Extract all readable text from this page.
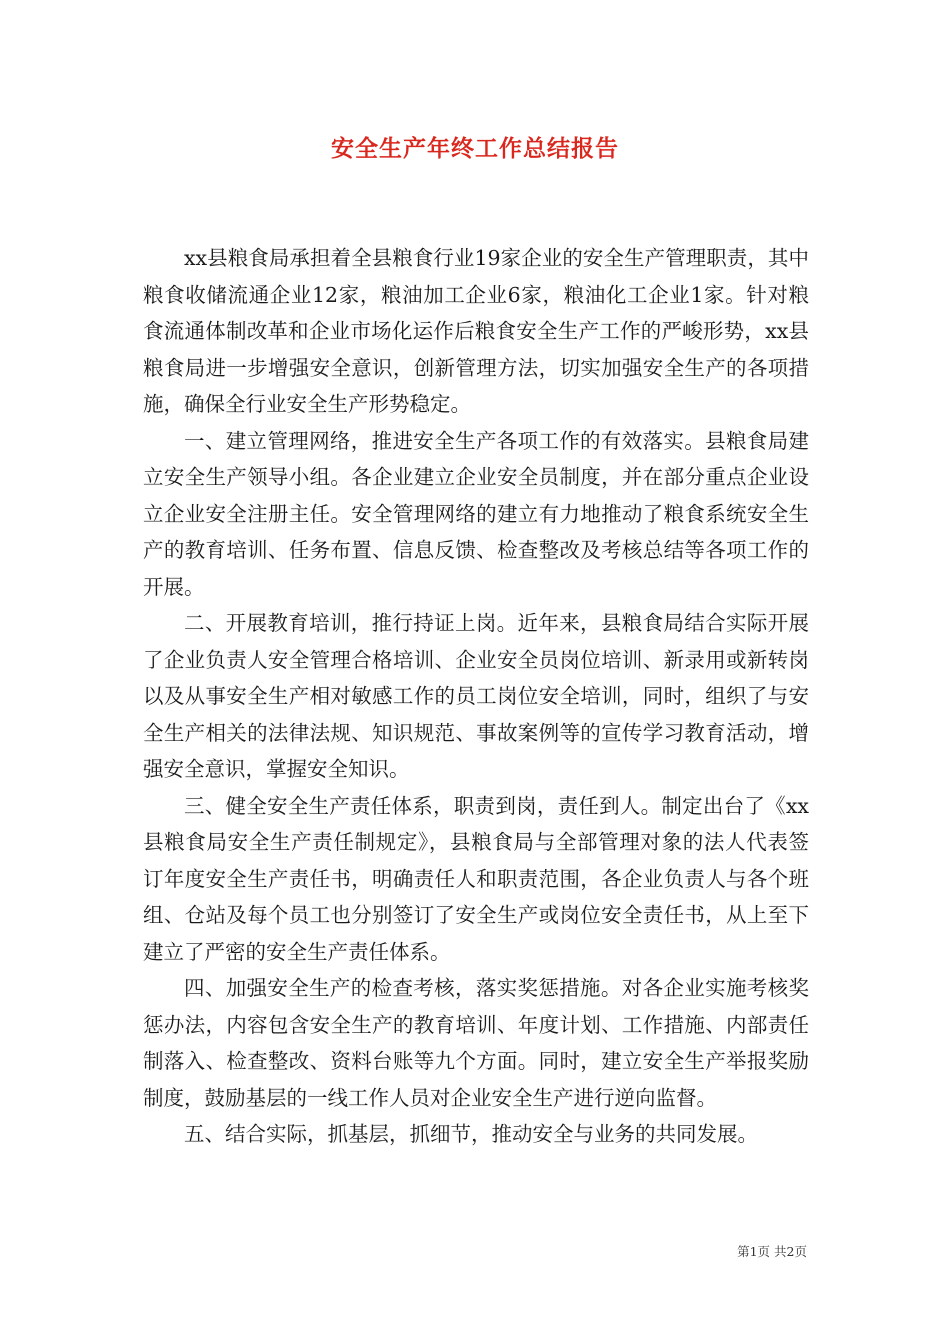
安全生产年终工作总结报告

xx县粮食局承担着全县粮食行业19家企业的安全生产管理职责，其中粮食收储流通企业12家，粮油加工企业6家，粮油化工企业1家。针对粮食流通体制改革和企业市场化运作后粮食安全生产工作的严峻形势，xx县粮食局进一步增强安全意识，创新管理方法，切实加强安全生产的各项措施，确保全行业安全生产形势稳定。

一、建立管理网络，推进安全生产各项工作的有效落实。县粮食局建立安全生产领导小组。各企业建立企业安全员制度，并在部分重点企业设立企业安全注册主任。安全管理网络的建立有力地推动了粮食系统安全生产的教育培训、任务布置、信息反馈、检查整改及考核总结等各项工作的开展。

二、开展教育培训，推行持证上岗。近年来，县粮食局结合实际开展了企业负责人安全管理合格培训、企业安全员岗位培训、新录用或新转岗以及从事安全生产相对敏感工作的员工岗位安全培训，同时，组织了与安全生产相关的法律法规、知识规范、事故案例等的宣传学习教育活动，增强安全意识，掌握安全知识。

三、健全安全生产责任体系，职责到岗，责任到人。制定出台了《xx县粮食局安全生产责任制规定》，县粮食局与全部管理对象的法人代表签订年度安全生产责任书，明确责任人和职责范围，各企业负责人与各个班组、仓站及每个员工也分别签订了安全生产或岗位安全责任书，从上至下建立了严密的安全生产责任体系。

四、加强安全生产的检查考核，落实奖惩措施。对各企业实施考核奖惩办法，内容包含安全生产的教育培训、年度计划、工作措施、内部责任制落入、检查整改、资料台账等九个方面。同时，建立安全生产举报奖励制度，鼓励基层的一线工作人员对企业安全生产进行逆向监督。

五、结合实际，抓基层，抓细节，推动安全与业务的共同发展。

第1页 共2页
